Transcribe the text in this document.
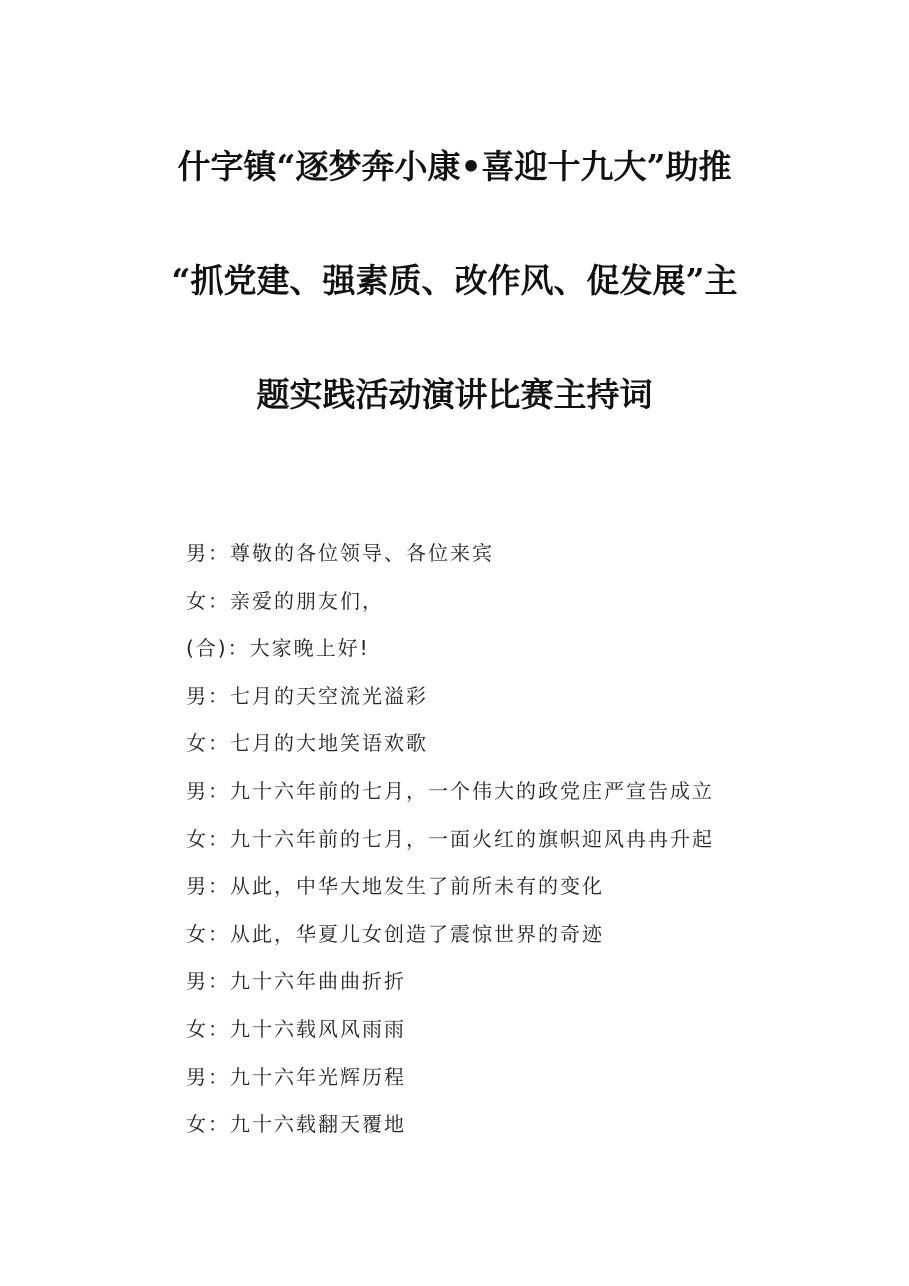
什字镇“逐梦奔小康•喜迎十九大”助推
“抓党建、强素质、改作风、促发展”主
题实践活动演讲比赛主持词
男：尊敬的各位领导、各位来宾
女：亲爱的朋友们，
(合)：大家晚上好!
男：七月的天空流光溢彩
女：七月的大地笑语欢歌
男：九十六年前的七月，一个伟大的政党庄严宣告成立
女：九十六年前的七月，一面火红的旗帜迎风冉冉升起
男：从此，中华大地发生了前所未有的变化
女：从此，华夏儿女创造了震惊世界的奇迹
男：九十六年曲曲折折
女：九十六载风风雨雨
男：九十六年光辉历程
女：九十六载翻天覆地
